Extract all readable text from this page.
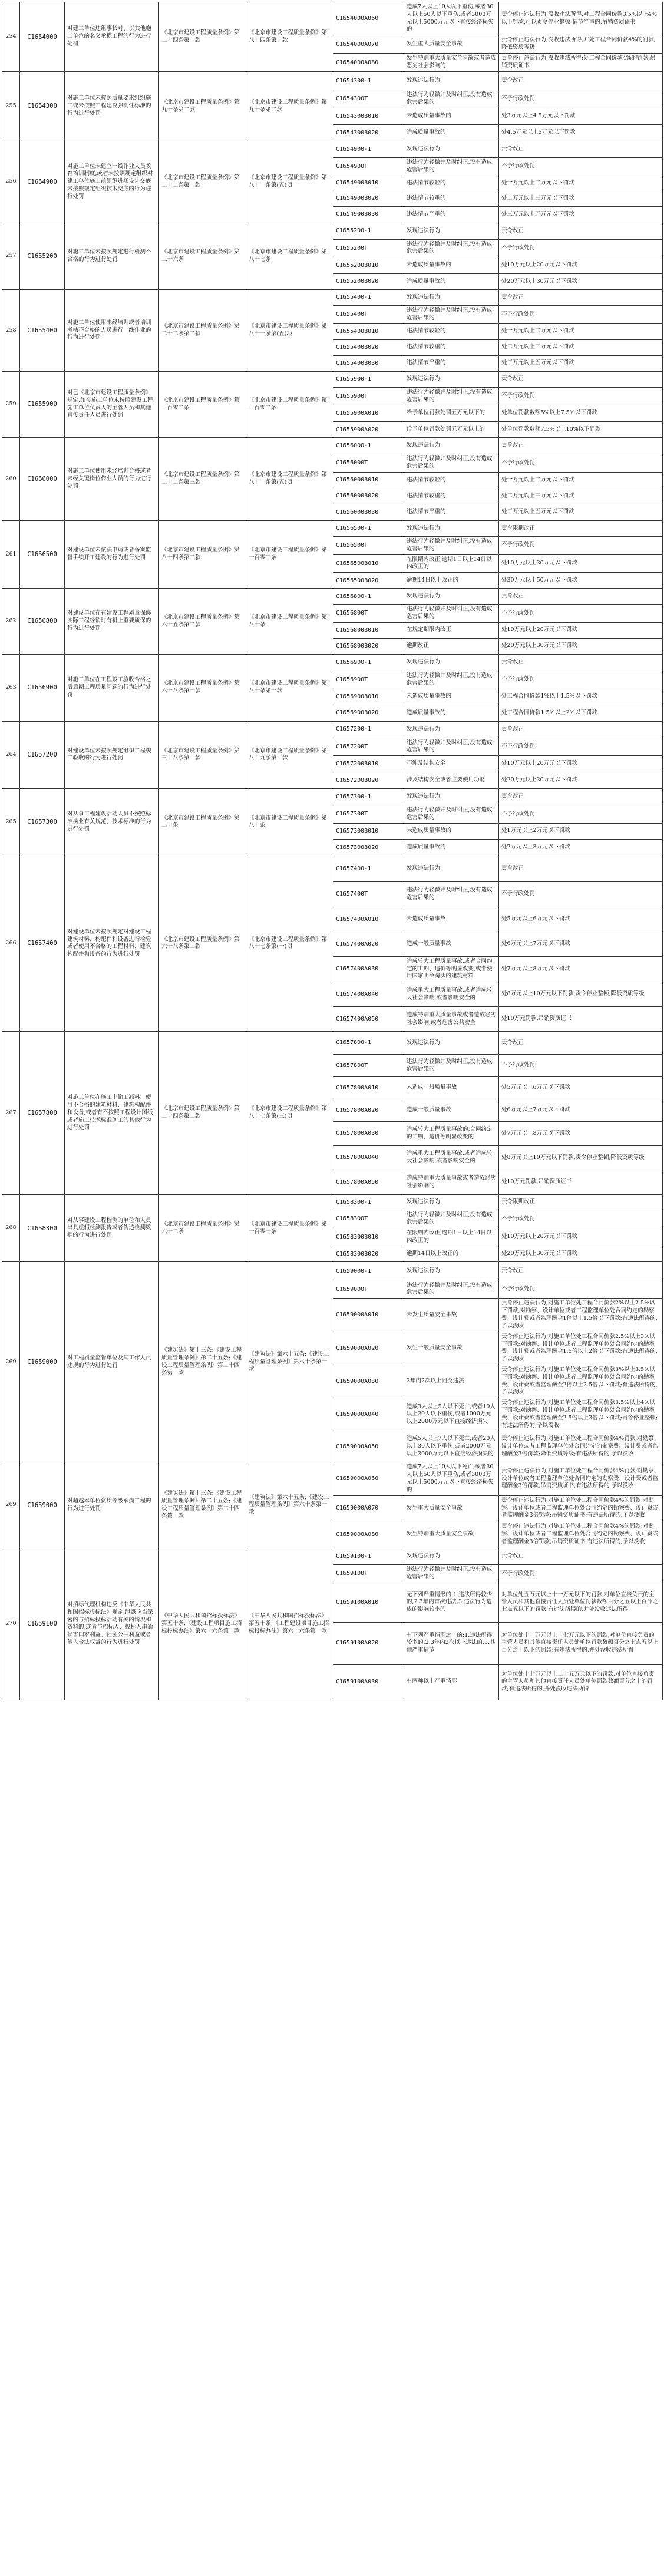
254	C1654000	对建工单位违组事长对、以其他施工单位的名义承揽工程的行为进行处罚	《北京市建设工程质量条例》第二十四条第一款	《北京市建设工程质量条例》第八十四条第一款	C1654000A060	造成7人以上10人以下重伤;或者30人以上50人以下重伤,或者3000万元以上5000万元以下直接经济损失的	责令停止违法行为,没收违法所得;对工程合同价款3.5%以上4%以下罚款,可以责令停业整顿;情节严重的,吊销资质证书
					C1654000A070	发生重大质量安全事故	责令停止违法行为,没收违法所得;并处工程合同价款4%的罚款,降低资质等级
					C1654000A080	发生特别重大质量安全事故或者造成恶劣社会影响的	责令停止违法行为,没收违法所得;处工程合同价款4%的罚款,吊销资质证书
255	C1654300	对施工单位未按照质量要求组织施工或未按照工程建设强制性标准的行为进行处罚	《北京市建设工程质量条例》第九十条第二款	《北京市建设工程质量条例》第九十条第二款	C1654300-1	发现违法行为	责令改正
					C1654300T	违法行为轻微并及时纠正,没有造成危害后果的	不予行政处罚
					C1654300B010	未造成质量事故的	处3万元以上4.5万元以下罚款
					C1654300B020	造成质量事故的	处4.5万元以上5万元以下罚款
256	C1654900	对施工单位未建立一线作业人员教育培训制度,或者未按照规定组织对建工单位施工前组织进场设计交底未按照规定组织技术交底的行为进行处罚	《北京市建设工程质量条例》第二十二条第一款	《北京市建设工程质量条例》第八十一条第(五)项	C1654900-1	发现违法行为	责令改正
					C1654900T	违法行为轻微并及时纠正,没有造成危害后果的	不予行政处罚
					C1654900B010	违法情节较轻的	处一万元以上二万元以下罚款
					C1654900B020	违法情节较重的	处二万元以上三万元以下罚款
					C1654900B030	违法情节严重的	处三万元以上五万元以下罚款
257	C1655200	对施工单位未按照规定进行检测不合格的行为进行处罚	《北京市建设工程质量条例》第三十六条	《北京市建设工程质量条例》第八十七条	C1655200-1	发现违法行为	责令改正
					C1655200T	违法行为轻微并及时纠正,没有造成危害后果的	不予行政处罚
					C1655200B010	未造成质量事故的	处10万元以上20万元以下罚款
					C1655200B020	造成质量事故的	处20万元以上30万元以下罚款
258	C1655400	对施工单位使用未经培训或者培训考核不合格的人员进行一线作业的行为进行处罚	《北京市建设工程质量条例》第二十二条第二款	《北京市建设工程质量条例》第八十一条第(五)项	C1655400-1	发现违法行为	责令改正
					C1655400T	违法行为轻微并及时纠正,没有造成危害后果的	不予行政处罚
					C1655400B010	违法情节较轻的	处一万元以上二万元以下罚款
					C1655400B020	违法情节较重的	处二万元以上三万元以下罚款
					C1655400B030	违法情节严重的	处三万元以上五万元以下罚款
259	C1655900	对已《北京市建设工程质量条例》规定,如今施工单位未按照建设工程施工单位负责人的主管人员和其他直接责任人员进行处罚	《北京市建设工程质量条例》第一百零二条	《北京市建设工程质量条例》第一百零二条	C1655900-1	发现违法行为	责令改正
					C1655900T	违法行为轻微并及时纠正,没有造成危害后果的	不予行政处罚
					C1655900A010	给予单位罚款处罚五万元以下的	处单位罚款数额5%以上7.5%以下罚款
					C1655900A020	给予单位罚款处罚五万元以上的	处单位罚款数额7.5%以上10%以下罚款
260	C1656000	对施工单位使用未经培训合格或者未经关键岗位作业人员的行为进行处罚	《北京市建设工程质量条例》第二十二条第三款	《北京市建设工程质量条例》第八十一条第(五)项	C1656000-1	发现违法行为	责令改正
					C1656000T	违法行为轻微并及时纠正,没有造成危害后果的	不予行政处罚
					C1656000B010	违法情节较轻的	处一万元以上二万元以下罚款
					C1656000B020	违法情节较重的	处二万元以上三万元以下罚款
					C1656000B030	违法情节严重的	处三万元以上五万元以下罚款
261	C1656500	对建设单位未依法申请或者备案监督手续开工建设的行为进行处罚	《北京市建设工程质量条例》第八十四条第二款	《北京市建设工程质量条例》第一百零三条	C1656500-1	发现违法行为	责令限期改正
					C1656500T	违法行为轻微并及时纠正,没有造成危害后果的	不予行政处罚
					C1656500B010	在限期内改正,逾期1日以上14日以内改正的	处10万元以上30万元以下罚款
					C1656500B020	逾期14日以上改正的	处30万元以上50万元以下罚款
262	C1656800	对建设单位存在建设工程质量保修实际工程经销时有机上重要质保的行为进行处罚	《北京市建设工程质量条例》第六十五条第二款	《北京市建设工程质量条例》第八十条	C1656800-1	发现违法行为	责令改正
					C1656800T	违法行为轻微并及时纠正,没有造成危害后果的	不予行政处罚
					C1656800B010	在规定期限内改正	处10万元以上20万元以下罚款
					C1656800B020	逾期改正	处20万元以上30万元以下罚款
263	C1656900	对施工单位在工程竣工验收合格之后后期工程质量问题的行为进行处罚	《北京市建设工程质量条例》第六十八条第一款	《北京市建设工程质量条例》第八十条第一款	C1656900-1	发现违法行为	责令改正
					C1656900T	违法行为轻微并及时纠正,没有造成危害后果的	不予行政处罚
					C1656900B010	未造成质量事故的	处工程合同价款1%以上1.5%以下罚款
					C1656900B020	造成质量事故的	处工程合同价款1.5%以上2%以下罚款
264	C1657200	对建设单位未按照规定组织工程竣工验收的行为进行处罚	《北京市建设工程质量条例》第三十八条第一款	《北京市建设工程质量条例》第八十九条第一款	C1657200-1	发现违法行为	责令改正
					C1657200T	违法行为轻微并及时纠正,没有造成危害后果的	不予行政处罚
					C1657200B010	不涉及结构安全	处10万元以上20万元以下罚款
					C1657200B020	涉及结构安全或者主要使用功能	处20万元以上30万元以下罚款
265	C1657300	对从事工程建设活动人员不按照标准执业有关规范、技术标准的行为进行处罚	《北京市建设工程质量条例》第二十条	《北京市建设工程质量条例》第八十条	C1657300-1	发现违法行为	责令改正
					C1657300T	违法行为轻微并及时纠正,没有造成危害后果的	不予行政处罚
					C1657300B010	未造成质量事故的	处1万元以上2万元以下罚款
					C1657300B020	造成质量事故的	处2万元以上3万元以下罚款
266	C1657400	对建设单位未按照规定对建设工程建筑材料、构配件和设备进行检验或者使用不合格的工程材料、建筑构配件和设备的行为进行处罚	《北京市建设工程质量条例》第六十八条第二款	《北京市建设工程质量条例》第八十七条第(一)项	C1657400-1	发现违法行为	责令改正
					C1657400T	违法行为轻微并及时纠正,没有造成危害后果的	不予行政处罚
					C1657400A010	未造成质量事故	处5万元以上6万元以下罚款
					C1657400A020	造成一般质量事故	处6万元以上7万元以下罚款
					C1657400A030	造成较大工程质量事故,或者合同约定的工期、造价等明显改变,或者使用国家明令淘汰的建筑材料	处7万元以上8万元以下罚款
					C1657400A040	造成重大工程质量事故,或者造成较大社会影响,或者影响安全的	处8万元以上10万元以下罚款,责令停业整顿,降低资质等级
					C1657400A050	造成特别重大质量事故或者造成恶劣社会影响,或者危害公共安全	处10万元罚款,吊销资质证书
267	C1657800	对施工单位在施工中偷工减料、使用不合格的建筑材料、建筑构配件和设备,或者有不按照工程设计图纸或者施工技术标准施工的其他行为进行处罚	《北京市建设工程质量条例》第二十四条第二款	《北京市建设工程质量条例》第八十七条第(三)项	C1657800-1	发现违法行为	责令改正
					C1657800T	违法行为轻微并及时纠正,没有造成危害后果的	不予行政处罚
					C1657800A010	未造成一般质量事故	处5万元以上6万元以下罚款
					C1657800A020	造成一般质量事故	处6万元以上7万元以下罚款
					C1657800A030	造成较大工程质量事故的,合同约定的工期、造价等明显改变的	处7万元以上8万元以下罚款
					C1657800A040	造成重大工程质量事故,或者造成较大社会影响,或者影响安全的	处8万元以上10万元以下罚款,责令停业整顿,降低资质等级
					C1657800A050	造成特别重大质量事故或者造成恶劣社会影响的	处10万元罚款,吊销资质证书
268	C1658300	对从事建设工程检测的单位和人员出具虚假检测报告或者伪造检测数据的行为进行处罚	《北京市建设工程质量条例》第六十二条	《北京市建设工程质量条例》第一百零一条	C1658300-1	发现违法行为	责令限期改正
					C1658300T	违法行为轻微并及时纠正,没有造成危害后果的	不予行政处罚
					C1658300B010	在限期内改正,逾期1日以上14日以内改正的	处10万元以上20万元以下罚款
					C1658300B020	逾期14日以上改正的	处20万元以上30万元以下罚款
269	C1659000	对工程质量监督单位及其工作人员违规的行为进行处罚	《建筑法》第十三条;《建设工程质量管理条例》第二十五条;《建设工程质量管理条例》第二十四条第一款	《建筑法》第六十五条;《建设工程质量管理条例》第六十条第一款	C1659000-1	发现违法行为	责令改正
					C1659000T	违法行为轻微并及时纠正,没有造成危害后果的	不予行政处罚
					C1659000A010	未发生质量安全事故	责令停止违法行为,对施工单位处工程合同价款2%以上2.5%以下罚款;对勘察、设计单位或者工程监理单位处合同约定的勘察费、设计费或者监理酬金1倍以上1.5倍以下罚款;有违法所得的,予以没收
					C1659000A020	发生一般质量安全事故	责令停止违法行为,对施工单位处工程合同价款2.5%以上3%以下罚款;对勘察、设计单位或者工程监理单位处合同约定的勘察费、设计费或者监理酬金1.5倍以上2倍以下罚款;有违法所得的,予以没收
					C1659000A030	3年内2次以上同类违法	责令停止违法行为,对施工单位处工程合同价款3%以上3.5%以下罚款;对勘察、设计单位或者工程监理单位处合同约定的勘察费、设计费或者监理酬金2倍以上2.5倍以下罚款;有违法所得的,予以没收
					C1659000A040	造成3人以上5人以下死亡;或者10人以上20人以下重伤,或者1000万元以上2000万元以下直接经济损失	责令停止违法行为,对施工单位处工程合同价款3.5%以上4%以下罚款;对勘察、设计单位或者工程监理单位处合同约定的勘察费、设计费或者监理酬金2.5倍以上3倍以下罚款;责令停业整顿;有违法所得的,予以没收
					C1659000A050	造成5人以上7人以下死亡;或者20人以上30人以下重伤,或者2000万元以上3000万元以下直接经济损失的	责令停止违法行为,对施工单位处工程合同价款4%罚款;对勘察、设计单位或者工程监理单位处合同约定的勘察费、设计费或者监理酬金3倍罚款;降低资质等级;有违法所得的,予以没收
269	C1659000	对超越本单位资质等级承揽工程的行为进行处罚	《建筑法》第十三条;《建设工程质量管理条例》第二十五条;《建设工程质量管理条例》第二十四条第一款	《建筑法》第六十五条;《建设工程质量管理条例》第六十条第一款	C1659000A060	造成7人以上10人以下死亡;或者30人以上50人以下重伤,或者3000万元以上5000万元以下直接经济损失的	责令停止违法行为,对施工单位处工程合同价款4%罚款;对勘察、设计单位或者工程监理单位处合同约定的勘察费、设计费或者监理酬金3倍罚款;吊销资质证书;有违法所得的,予以没收
					C1659000A070	发生重大质量安全事故	责令停止违法行为,对施工单位处工程合同价款4%的罚款;对勘察、设计单位或者工程监理单位处合同约定的勘察费、设计费或者监理酬金3倍罚款;吊销资质证书;有违法所得的,予以没收
					C1659000A080	发生特别重大质量安全事故	责令停止违法行为,对施工单位处工程合同价款4%的罚款;对勘察、设计单位或者工程监理单位处合同约定的勘察费、设计费或者监理酬金3倍罚款;吊销资质证书;有违法所得的,予以没收
270	C1659100	对招标代理机构违反《中华人民共和国招标投标法》规定,泄露应当保密的与招标投标活动有关的情况和资料的,或者与招标人、投标人串通损害国家利益、社会公共利益或者他人合法权益的行为进行处罚	《中华人民共和国招标投标法》第五十条;《建设工程项目施工招标投标办法》第六十六条第一款	《中华人民共和国招标投标法》第五十条;《工程建设项目施工招标投标办法》第六十六条第一款	C1659100-1	发现违法行为	责令改正
					C1659100T	违法行为轻微并及时纠正,没有造成危害后果的	不予行政处罚
					C1659100A010	无下列严重情形的:1.违法所得较少的;2.3年内首次违法;3.违法行为造成的影响较小的	对单位处五万元以上十一万元以下的罚款,对单位直接负责的主管人员和其他直接责任人员处单位罚款数额百分之五以上百分之七点五以下的罚款;有违法所得的,并处没收违法所得
					C1659100A020	有下列严重情形之一的:1.违法所得较多的;2.3年内2次以上违法的;3.其他严重情节	对单位处十一万元以上十七万元以下的罚款,对单位直接负责的主管人员和其他直接责任人员处单位罚款数额百分之七点五以上百分之十以下的罚款;有违法所得的,并处没收违法所得
					C1659100A030	有两种以上严重情形	对单位处十七万元以上二十五万元以下的罚款,对单位直接负责的主管人员和其他直接责任人员处单位罚款数额百分之十的罚款;有违法所得的,并处没收违法所得
